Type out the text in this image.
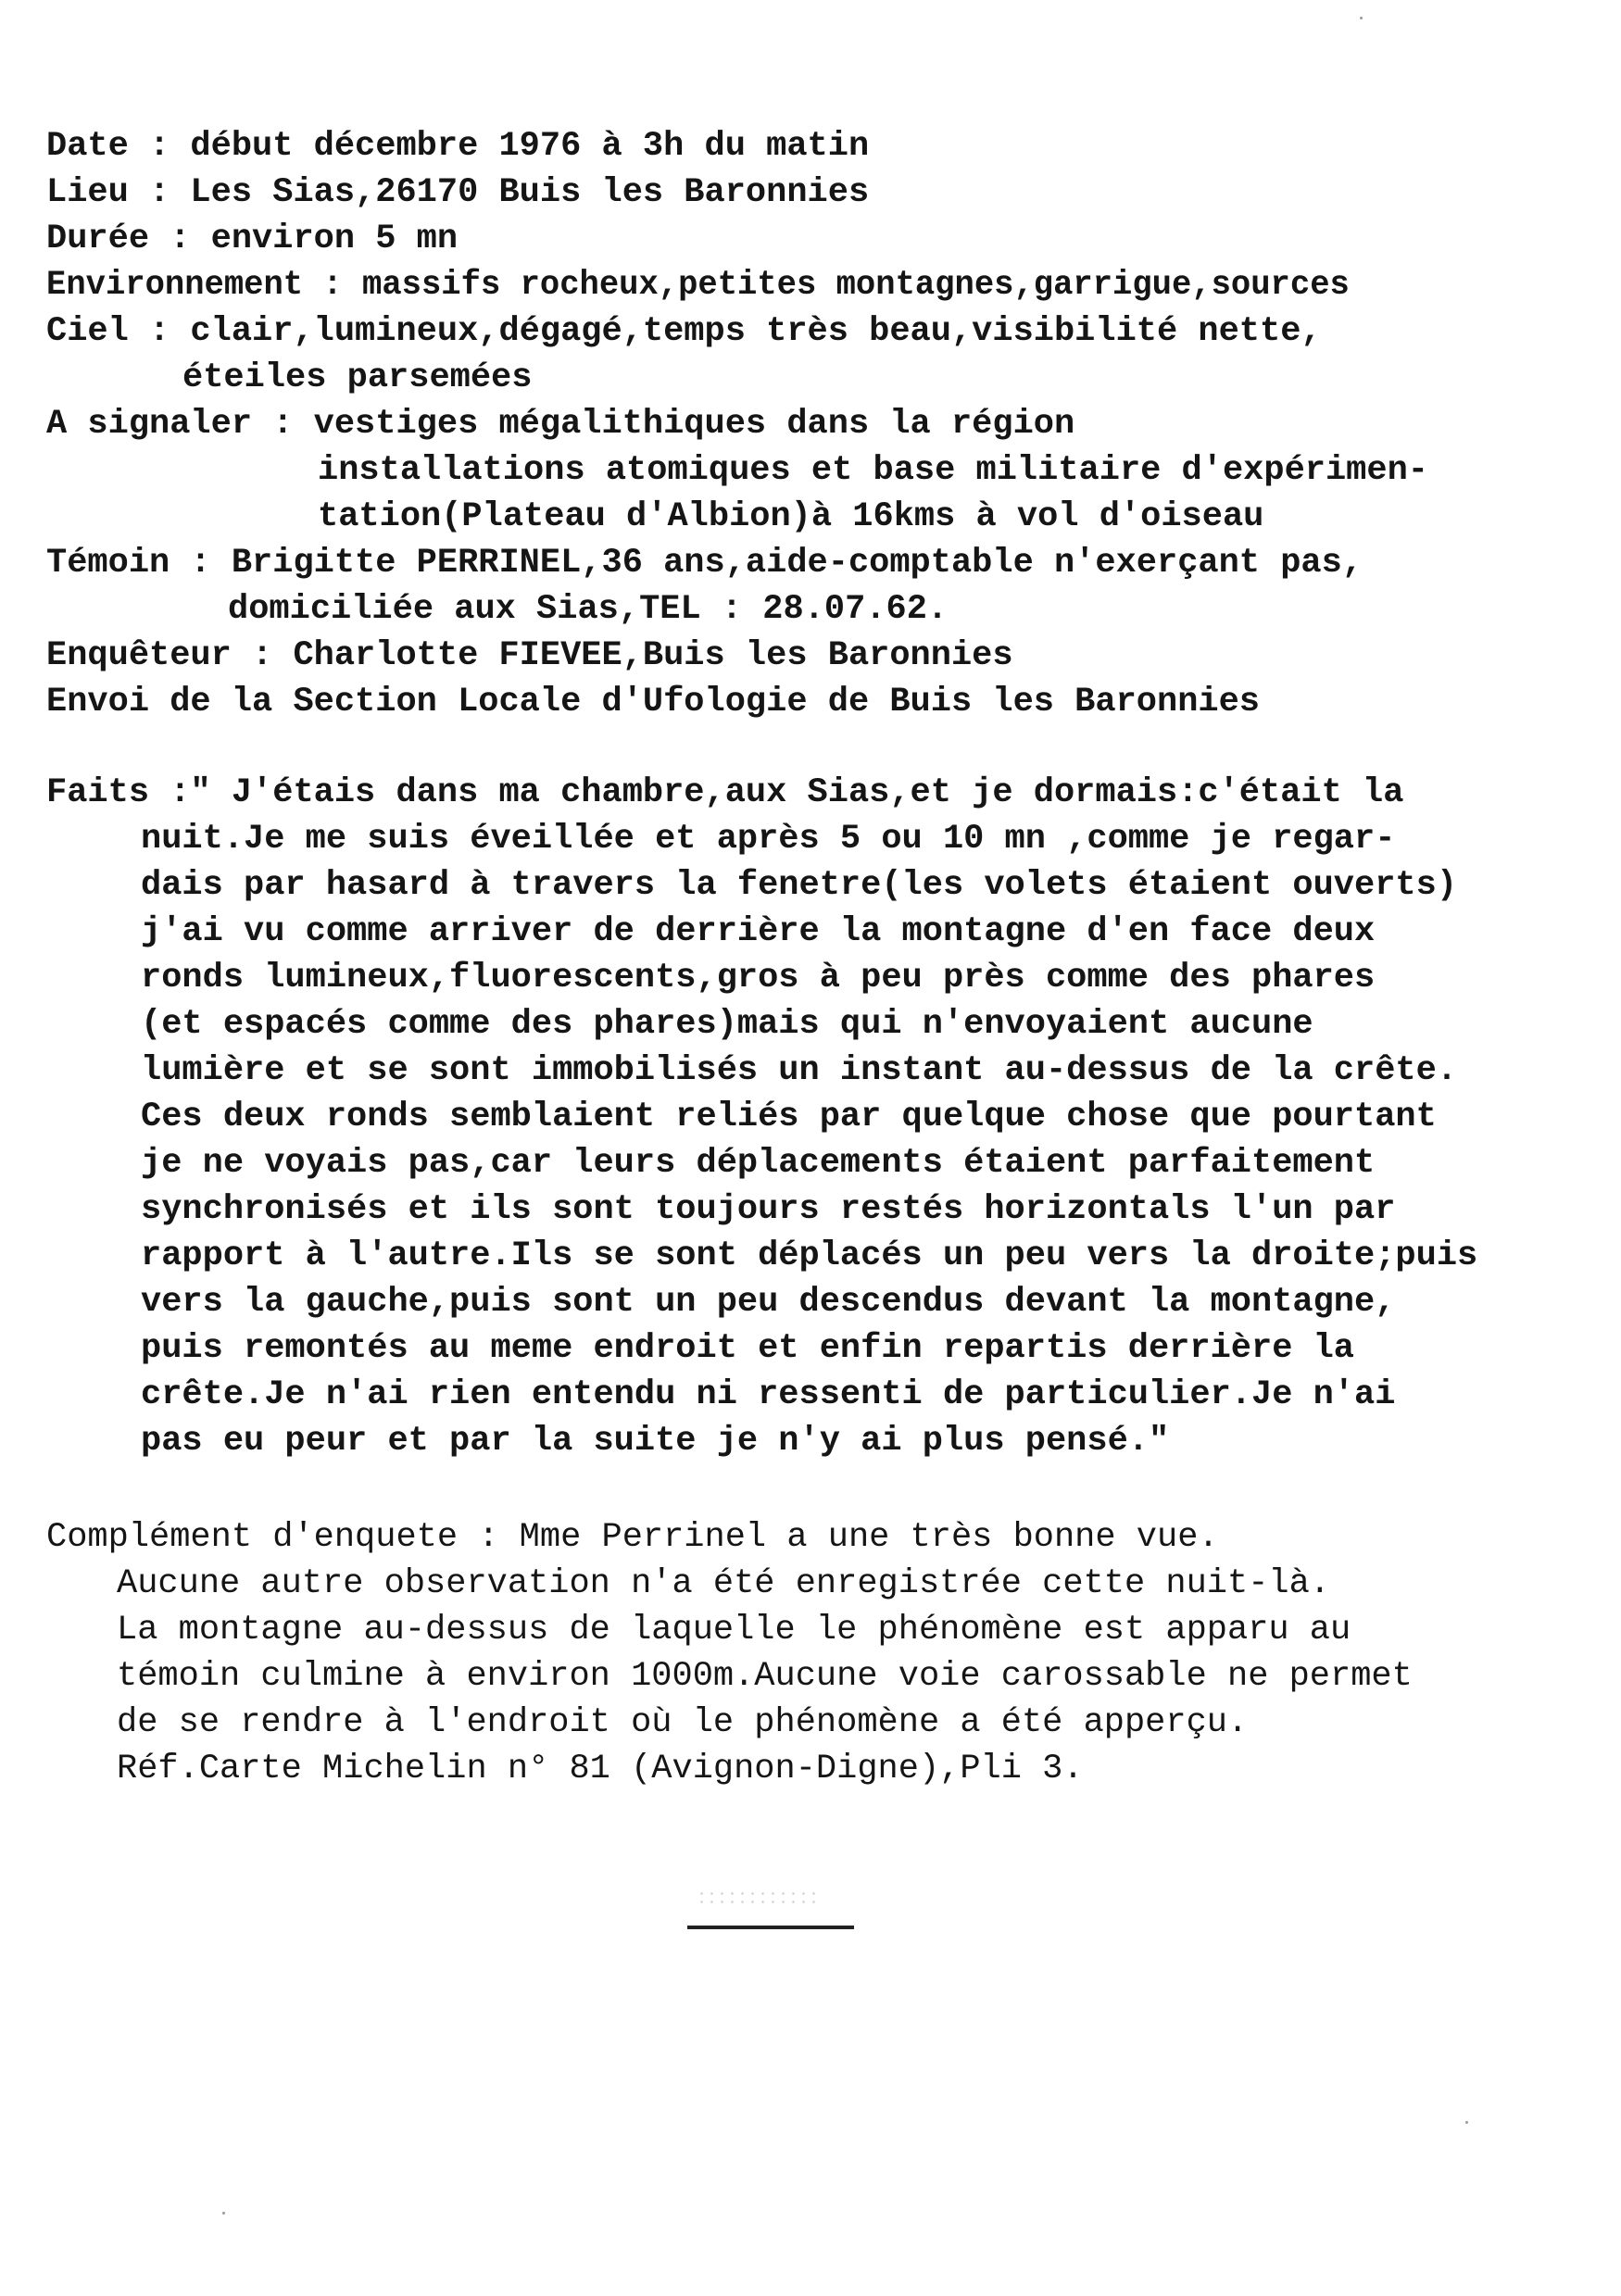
Date : début décembre 1976 à 3h du matin
Lieu : Les Sias,26170 Buis les Baronnies
Durée : environ 5 mn
Environnement : massifs rocheux,petites montagnes,garrigue,sources
Ciel : clair,lumineux,dégagé,temps très beau,visibilité nette,
éteiles parsemées
A signaler : vestiges mégalithiques dans la région
installations atomiques et base militaire d'expérimen-
tation(Plateau d'Albion)à 16kms à vol d'oiseau
Témoin : Brigitte PERRINEL,36 ans,aide-comptable n'exerçant pas,
domiciliée aux Sias,TEL : 28.07.62.
Enquêteur : Charlotte FIEVEE,Buis les Baronnies
Envoi de la Section Locale d'Ufologie de Buis les Baronnies
Faits :" J'étais dans ma chambre,aux Sias,et je dormais:c'était la
nuit.Je me suis éveillée et après 5 ou 10 mn ,comme je regar-
dais par hasard à travers la fenetre(les volets étaient ouverts)
j'ai vu comme arriver de derrière la montagne d'en face deux
ronds lumineux,fluorescents,gros à peu près comme des phares
(et espacés comme des phares)mais qui n'envoyaient aucune
lumière et se sont immobilisés un instant au-dessus de la crête.
Ces deux ronds semblaient reliés par quelque chose que pourtant
je ne voyais pas,car leurs déplacements étaient parfaitement
synchronisés et ils sont toujours restés horizontals l'un par
rapport à l'autre.Ils se sont déplacés un peu vers la droite;puis
vers la gauche,puis sont un peu descendus devant la montagne,
puis remontés au meme endroit et enfin repartis derrière la
crête.Je n'ai rien entendu ni ressenti de particulier.Je n'ai
pas eu peur et par la suite je n'y ai plus pensé."
Complément d'enquete : Mme Perrinel a une très bonne vue.
Aucune autre observation n'a été enregistrée cette nuit-là.
La montagne au-dessus de laquelle le phénomène est apparu au
témoin culmine à environ 1000m.Aucune voie carossable ne permet
de se rendre à l'endroit où le phénomène a été apperçu.
Réf.Carte Michelin n° 81 (Avignon-Digne),Pli 3.
